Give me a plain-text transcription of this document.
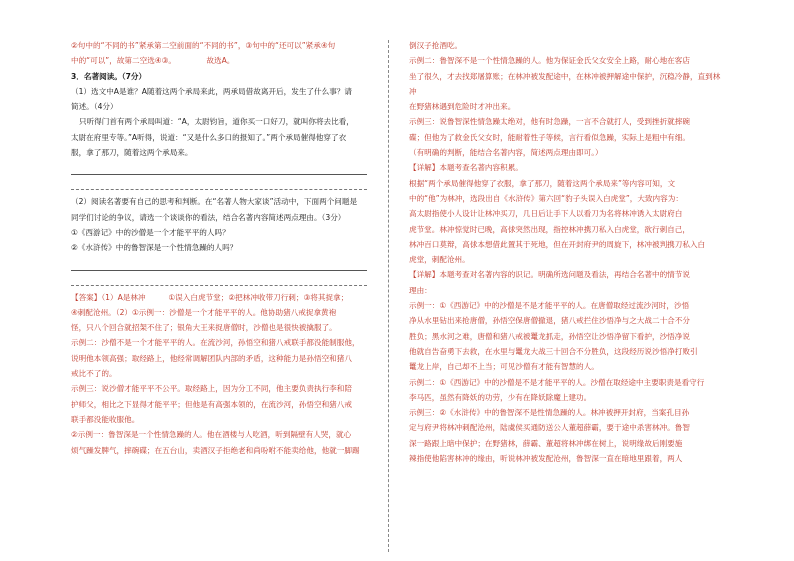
②句中的“不同的书”紧承第二空前面的“不同的书”，③句中的“还可以”紧承④句

中的“可以”，故第二空选④③。    	故选A。

3．名著阅读。（7分）

（1）选文中A是谁？A随着这两个承局来此，两承局借故离开后，发生了什么事？请

简述。（4分）

只听得门首有两个承局叫道：“A，太尉钧旨，道你买一口好刀，就叫你将去比看，

太尉在府里专等。”A听得，说道：“又是什么多口的报知了。”两个承局催得他穿了衣

服，拿了那刀，随着这两个承局来。

（2）阅读名著要有自己的思考和判断。在“名著人物大家谈”活动中，下面两个问题是

同学们讨论的争议，请选一个谈谈你的看法，结合名著内容简述两点理由。（3分）

①《西游记》中的沙僧是一个才能平平的人吗？

②《水浒传》中的鲁智深是一个性情急躁的人吗？

【答案】（1）A是林冲   	①误入白虎节堂；②把林冲收带刀行刺；③将其捉拿；

④刺配沧州。（2）①示例一：沙僧是一个才能平平的人。他协助猪八戒捉拿黄袍

怪，只八个回合就招架不住了；银角大王来捉唐僧时，沙僧也是很快被擒服了。

示例二：沙僧不是一个才能平平的人。在流沙河，孙悟空和猪八戒联手都没能制服他，

说明他本领高强；取经路上，他经常调解团队内部的矛盾，这种能力是孙悟空和猪八

戒比不了的。

示例三：说沙僧才能平平不公平。取经路上，因为分工不同，他主要负责执行李和陪

护师父，相比之下显得才能平平；但他是有高强本领的，在流沙河，孙悟空和猪八戒

联手都没能收服他。

②示例一：鲁智深是一个性情急躁的人。他在酒楼与人吃酒，听到隔壁有人哭，就心

烦气躁发脾气，摔碗碟；在五台山，卖酒汉子拒绝老和尚吩咐不能卖给他，他就一脚踢

倒汉子抢酒吃。

示例二：鲁智深不是一个性情急躁的人。他为保证金氏父女安全上路，耐心地在客店

坐了很久，才去找郑屠算账；在林冲被发配途中，在林冲被押解途中保护，沉稳冷静，直到林冲

在野猪林遇到危险时才冲出来。

示例三：说鲁智深性情急躁太绝对，他有时急躁，一言不合就打人，受到挫折就摔碗

碟；但他为了救金氏父女时，能耐着性子等候，言行看似急躁，实际上是粗中有细。

（有明确的判断，能结合名著内容，简述两点理由即可。）

【详解】本题考查名著内容积累。

根据“两个承局催得他穿了衣服，拿了那刀，随着这两个承局来”等内容可知，文

中的“他”为林冲，选段出自《水浒传》第六回“豹子头误入白虎堂”，大致内容为：

高太尉指使小人设计让林冲买刀，几日后让手下人以看刀为名将林冲诱入太尉府白

虎节堂。林冲惊觉时已晚，高俅突然出现，指控林冲携刀私入白虎堂，欲行刺自己，

林冲百口莫辩，高俅本想借此置其于死地，但在开封府尹的周旋下，林冲被判携刀私入白

虎堂，刺配沧州。

【详解】本题考查对名著内容的识记。明确所选问题及看法，再结合名著中的情节说

理由：

示例一：①《西游记》中的沙僧是不是才能平平的人。在唐僧取经过流沙河时，沙悟

净从水里钻出来抢唐僧，孙悟空保唐僧撤退，猪八戒拦住沙悟净与之大战二十合不分

胜负；黑水河之难，唐僧和猪八戒被鼍龙抓走，孙悟空让沙悟净留下看护，沙悟净说

他就自告奋勇下去救，在水里与鼍龙大战三十回合不分胜负，这段经历说沙悟净打败引

鼍龙上岸，自己却不上当；可见沙僧有才能有智慧的人。

示例二：①《西游记》中的沙僧是不是才能平平的人。沙僧在取经途中主要职责是看守行

李马匹，虽然有降妖的功劳，少有在降妖除魔上建功。

示例三：②《水浒传》中的鲁智深不是性情急躁的人。林冲被押开封府，当案孔目孙

定与府尹将林冲刺配沧州，陆虞侯买通防送公人董超薛霸，要于途中杀害林冲。鲁智

深一路跟上暗中保护；在野猪林，薛霸、董超将林冲绑在树上，说明缘故后刚要施

辣指使他陷害林冲的缘由，听说林冲被发配沧州，鲁智深一直在暗地里跟着，两人
